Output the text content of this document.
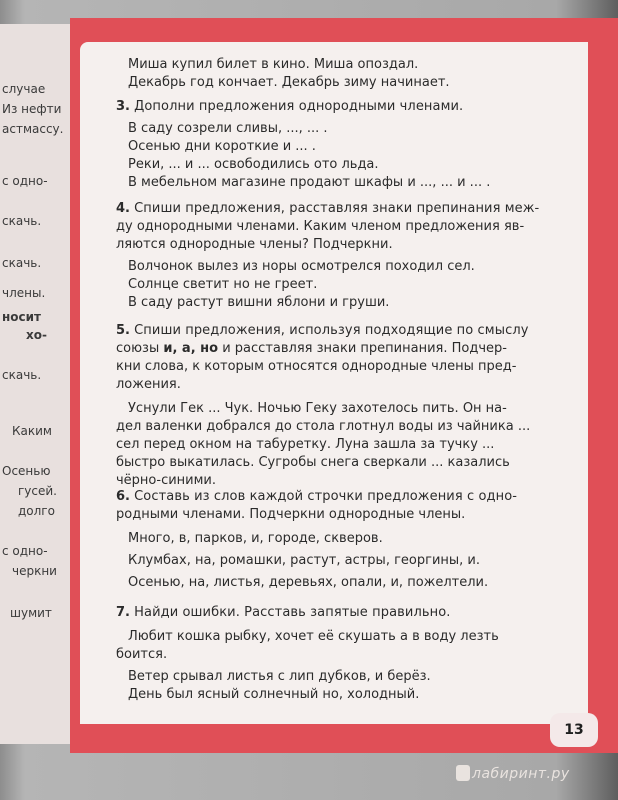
случае
Из нефти
астмассу.
с одно-
скачь.
скачь.
члены.
носит
хо-
скачь.
Каким
Осенью
гусей.
долго
с одно-
черкни
шумит
Миша купил билет в кино. Миша опоздал.
Декабрь год кончает. Декабрь зиму начинает.
3. Дополни предложения однородными членами.
В саду созрели сливы, ..., ... .
Осенью дни короткие и ... .
Реки, ... и ... освободились ото льда.
В мебельном магазине продают шкафы и ..., ... и ... .
4. Спиши предложения, расставляя знаки препинания меж-
ду однородными членами. Каким членом предложения яв-
ляются однородные члены? Подчеркни.
Волчонок вылез из норы осмотрелся походил сел.
Солнце светит но не греет.
В саду растут вишни яблони и груши.
5. Спиши предложения, используя подходящие по смыслу
союзы и, а, но и расставляя знаки препинания. Подчер-
кни слова, к которым относятся однородные члены пред-
ложения.
Уснули Гек ... Чук. Ночью Геку захотелось пить. Он на-
дел валенки добрался до стола глотнул воды из чайника ...
сел перед окном на табуретку. Луна зашла за тучку ...
быстро выкатилась. Сугробы снега сверкали ... казались
чёрно-синими.
6. Составь из слов каждой строчки предложения с одно-
родными членами. Подчеркни однородные члены.
Много, в, парков, и, городе, скверов.
Клумбах, на, ромашки, растут, астры, георгины, и.
Осенью, на, листья, деревьях, опали, и, пожелтели.
7. Найди ошибки. Расставь запятые правильно.
Любит кошка рыбку, хочет её скушать а в воду лезть
боится.
Ветер срывал листья с лип дубков, и берёз.
День был ясный солнечный но, холодный.
13
лабиринт.ру
